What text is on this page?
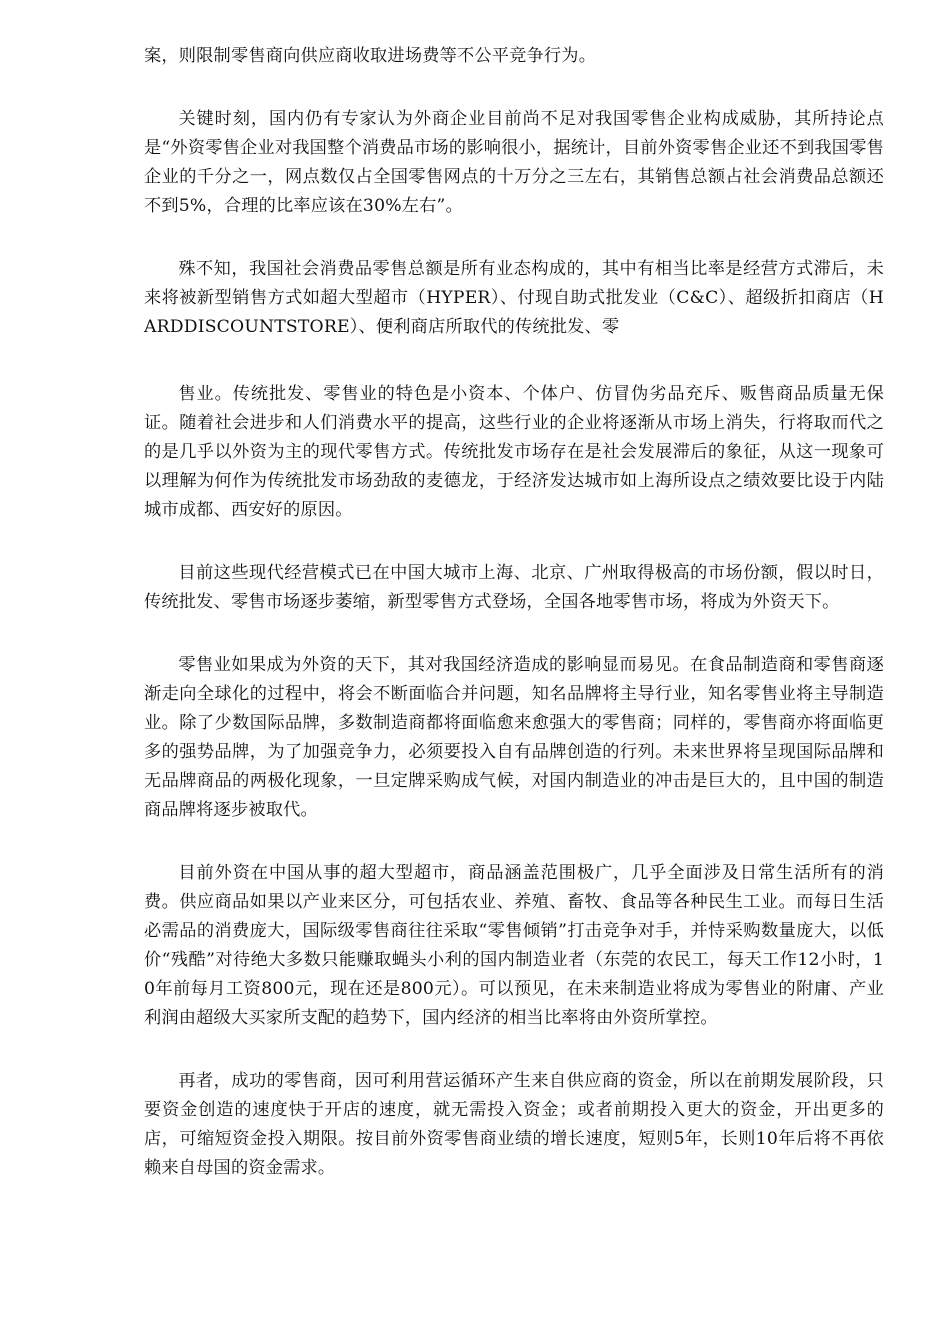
案，则限制零售商向供应商收取进场费等不公平竞争行为。

关键时刻，国内仍有专家认为外商企业目前尚不足对我国零售企业构成威胁，其所持论点是“外资零售企业对我国整个消费品市场的影响很小，据统计，目前外资零售企业还不到我国零售企业的千分之一，网点数仅占全国零售网点的十万分之三左右，其销售总额占社会消费品总额还不到5%，合理的比率应该在30%左右”。

殊不知，我国社会消费品零售总额是所有业态构成的，其中有相当比率是经营方式滞后，未来将被新型销售方式如超大型超市（HYPER）、付现自助式批发业（C&C）、超级折扣商店（HARDDISCOUNTSTORE）、便利商店所取代的传统批发、零

售业。传统批发、零售业的特色是小资本、个体户、仿冒伪劣品充斥、贩售商品质量无保证。随着社会进步和人们消费水平的提高，这些行业的企业将逐渐从市场上消失，行将取而代之的是几乎以外资为主的现代零售方式。传统批发市场存在是社会发展滞后的象征，从这一现象可以理解为何作为传统批发市场劲敌的麦德龙，于经济发达城市如上海所设点之绩效要比设于内陆城市成都、西安好的原因。

目前这些现代经营模式已在中国大城市上海、北京、广州取得极高的市场份额，假以时日，传统批发、零售市场逐步萎缩，新型零售方式登场，全国各地零售市场，将成为外资天下。

零售业如果成为外资的天下，其对我国经济造成的影响显而易见。在食品制造商和零售商逐渐走向全球化的过程中，将会不断面临合并问题，知名品牌将主导行业，知名零售业将主导制造业。除了少数国际品牌，多数制造商都将面临愈来愈强大的零售商；同样的，零售商亦将面临更多的强势品牌，为了加强竞争力，必须要投入自有品牌创造的行列。未来世界将呈现国际品牌和无品牌商品的两极化现象，一旦定牌采购成气候，对国内制造业的冲击是巨大的，且中国的制造商品牌将逐步被取代。

目前外资在中国从事的超大型超市，商品涵盖范围极广，几乎全面涉及日常生活所有的消费。供应商品如果以产业来区分，可包括农业、养殖、畜牧、食品等各种民生工业。而每日生活必需品的消费庞大，国际级零售商往往采取“零售倾销”打击竞争对手，并恃采购数量庞大，以低价“残酷”对待绝大多数只能赚取蝇头小利的国内制造业者（东莞的农民工，每天工作12小时，10年前每月工资800元，现在还是800元）。可以预见，在未来制造业将成为零售业的附庸、产业利润由超级大买家所支配的趋势下，国内经济的相当比率将由外资所掌控。

再者，成功的零售商，因可利用营运循环产生来自供应商的资金，所以在前期发展阶段，只要资金创造的速度快于开店的速度，就无需投入资金；或者前期投入更大的资金，开出更多的店，可缩短资金投入期限。按目前外资零售商业绩的增长速度，短则5年，长则10年后将不再依赖来自母国的资金需求。
